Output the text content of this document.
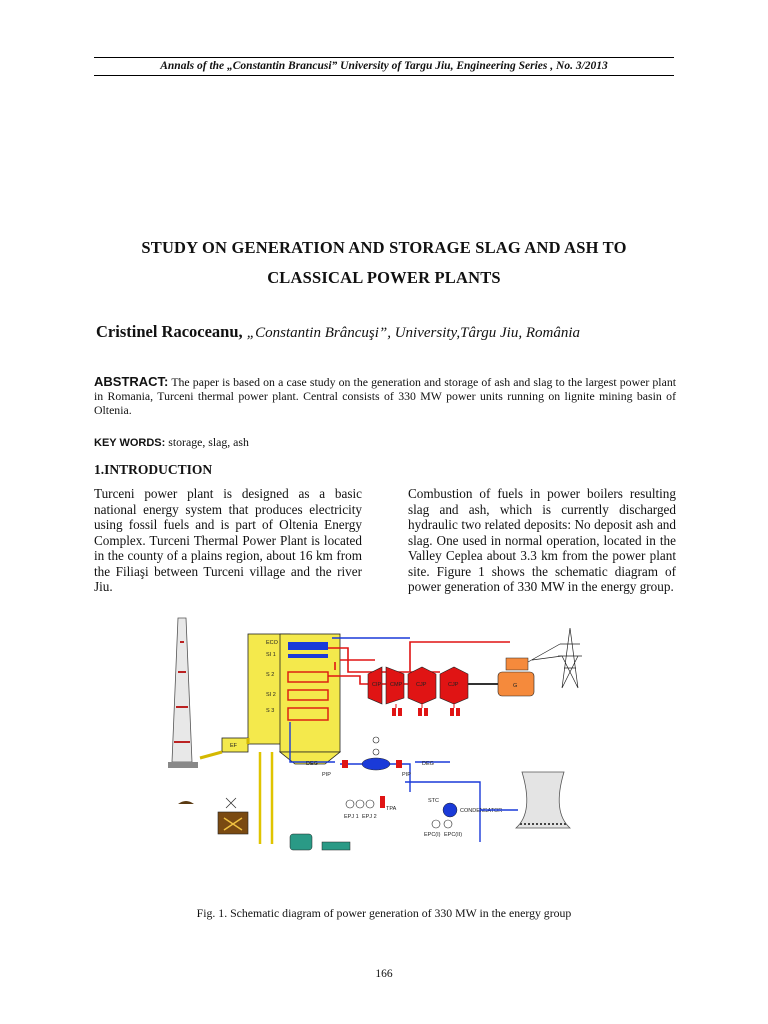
Annals of the „Constantin Brancusi” University of Targu Jiu, Engineering Series , No. 3/2013
STUDY ON GENERATION AND STORAGE SLAG AND ASH TO
CLASSICAL POWER PLANTS
Cristinel Racoceanu, „Constantin Brâncuşi”, University,Târgu Jiu, România
ABSTRACT: The paper is based on a case study on the generation and storage of ash and slag to the largest power plant in Romania, Turceni thermal power plant. Central consists of 330 MW power units running on lignite mining basin of Oltenia.
KEY WORDS: storage, slag, ash
1.INTRODUCTION
Turceni power plant is designed as a basic national energy system that produces electricity using fossil fuels and is part of Oltenia Energy Complex. Turceni Thermal Power Plant is located in the county of a plains region, about 16 km from the Filiaşi between Turceni village and the river Jiu.
Combustion of fuels in power boilers resulting slag and ash, which is currently discharged hydraulic two related deposits: No deposit ash and slag. One used in normal operation, located in the Valley Ceplea about 3.3 km from the power plant site. Figure 1 shows the schematic diagram of power generation of 330 MW in the energy group.
ECO
SI 1
S 2
SI 2
S 3
EF
CIP CMP	CJP	CJP	G
DEG	DEG
PIP	PIP
TPA
EPJ 1 EPJ 2
EPC(I) EPC(II)
CONDENSATOR
STC
Fig. 1. Schematic diagram of power generation of 330 MW in the energy group
166
